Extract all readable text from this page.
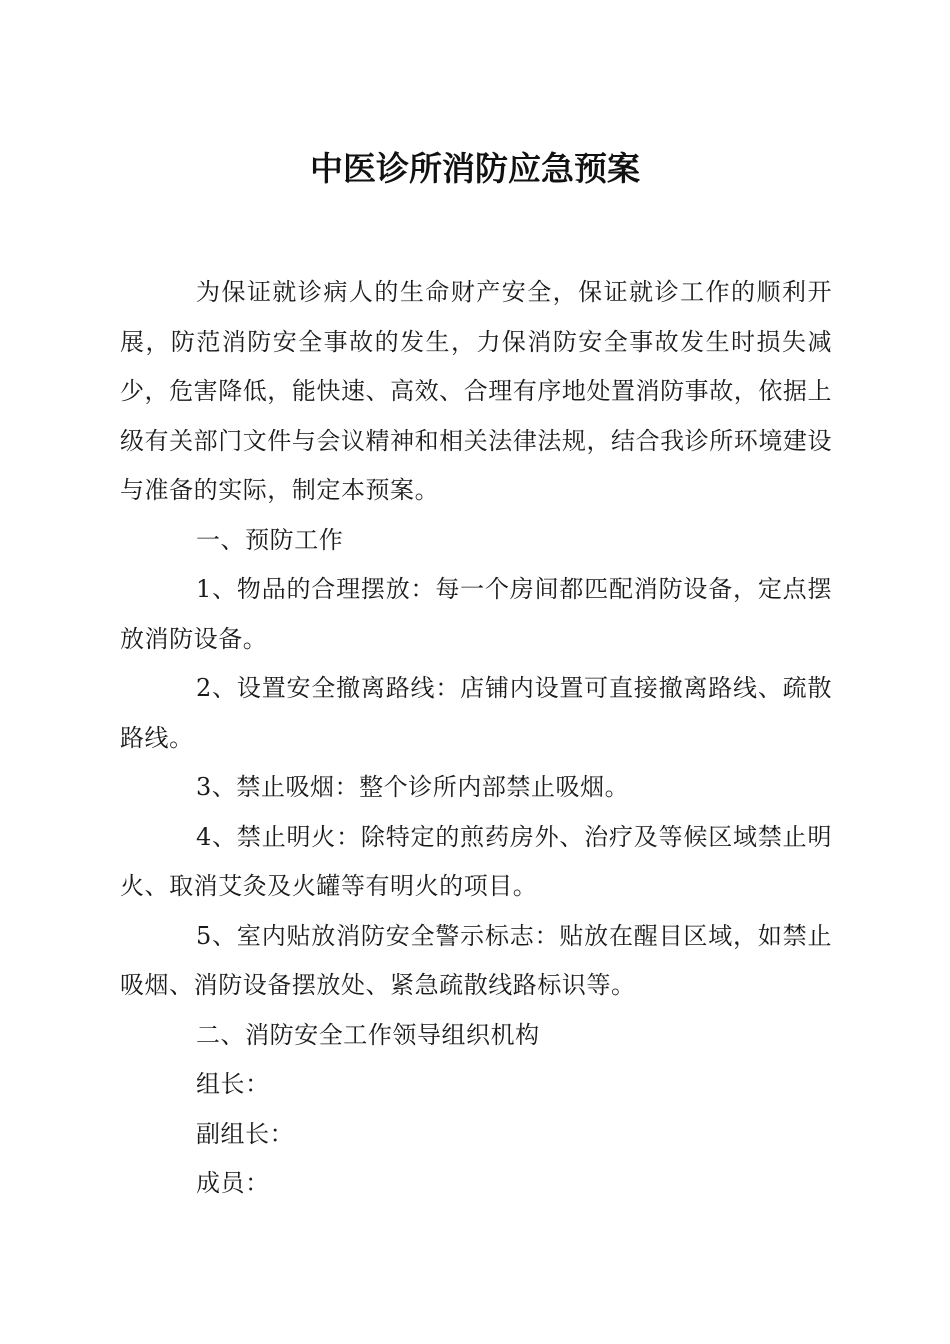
中医诊所消防应急预案

为保证就诊病人的生命财产安全，保证就诊工作的顺利开展，防范消防安全事故的发生，力保消防安全事故发生时损失减少，危害降低，能快速、高效、合理有序地处置消防事故，依据上级有关部门文件与会议精神和相关法律法规，结合我诊所环境建设与准备的实际，制定本预案。

一、预防工作

1、物品的合理摆放：每一个房间都匹配消防设备，定点摆放消防设备。

2、设置安全撤离路线：店铺内设置可直接撤离路线、疏散路线。

3、禁止吸烟：整个诊所内部禁止吸烟。

4、禁止明火：除特定的煎药房外、治疗及等候区域禁止明火、取消艾灸及火罐等有明火的项目。

5、室内贴放消防安全警示标志：贴放在醒目区域，如禁止吸烟、消防设备摆放处、紧急疏散线路标识等。

二、消防安全工作领导组织机构

组长：

副组长：

成员：
